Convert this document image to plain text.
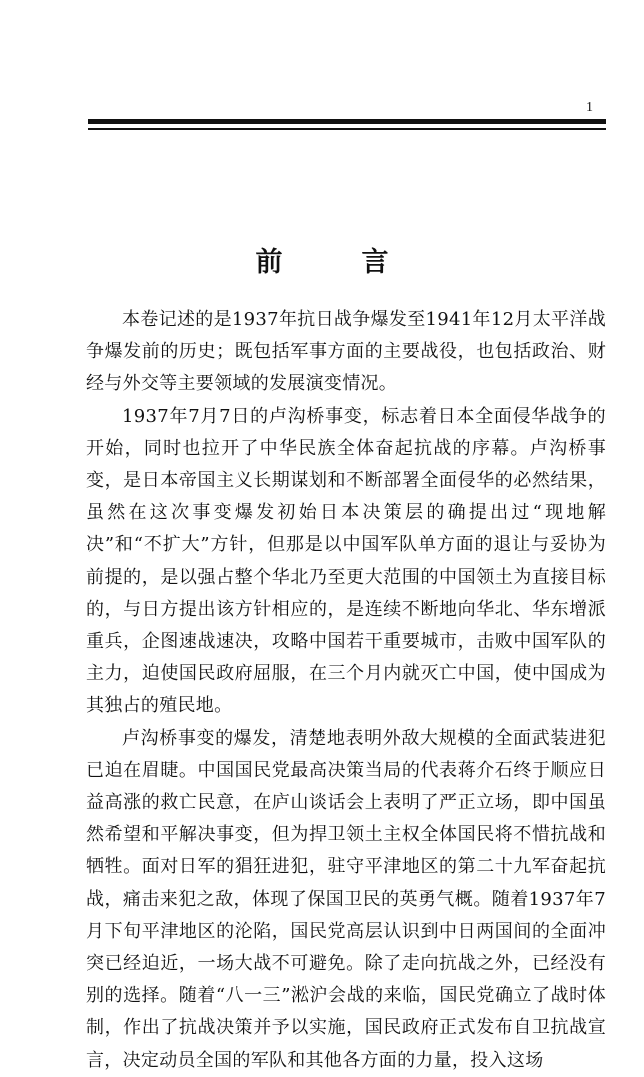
1
前　言

本卷记述的是1937年抗日战争爆发至1941年12月太平洋战争爆发前的历史；既包括军事方面的主要战役，也包括政治、财经与外交等主要领域的发展演变情况。

1937年7月7日的卢沟桥事变，标志着日本全面侵华战争的开始，同时也拉开了中华民族全体奋起抗战的序幕。卢沟桥事变，是日本帝国主义长期谋划和不断部署全面侵华的必然结果，虽然在这次事变爆发初始日本决策层的确提出过“现地解决”和“不扩大”方针，但那是以中国军队单方面的退让与妥协为前提的，是以强占整个华北乃至更大范围的中国领土为直接目标的，与日方提出该方针相应的，是连续不断地向华北、华东增派重兵，企图速战速决，攻略中国若干重要城市，击败中国军队的主力，迫使国民政府屈服，在三个月内就灭亡中国，使中国成为其独占的殖民地。

卢沟桥事变的爆发，清楚地表明外敌大规模的全面武装进犯已迫在眉睫。中国国民党最高决策当局的代表蒋介石终于顺应日益高涨的救亡民意，在庐山谈话会上表明了严正立场，即中国虽然希望和平解决事变，但为捍卫领土主权全体国民将不惜抗战和牺牲。面对日军的猖狂进犯，驻守平津地区的第二十九军奋起抗战，痛击来犯之敌，体现了保国卫民的英勇气概。随着1937年7月下旬平津地区的沦陷，国民党高层认识到中日两国间的全面冲突已经迫近，一场大战不可避免。除了走向抗战之外，已经没有别的选择。随着“八一三”淞沪会战的来临，国民党确立了战时体制，作出了抗战决策并予以实施，国民政府正式发布自卫抗战宣言，决定动员全国的军队和其他各方面的力量，投入这场
